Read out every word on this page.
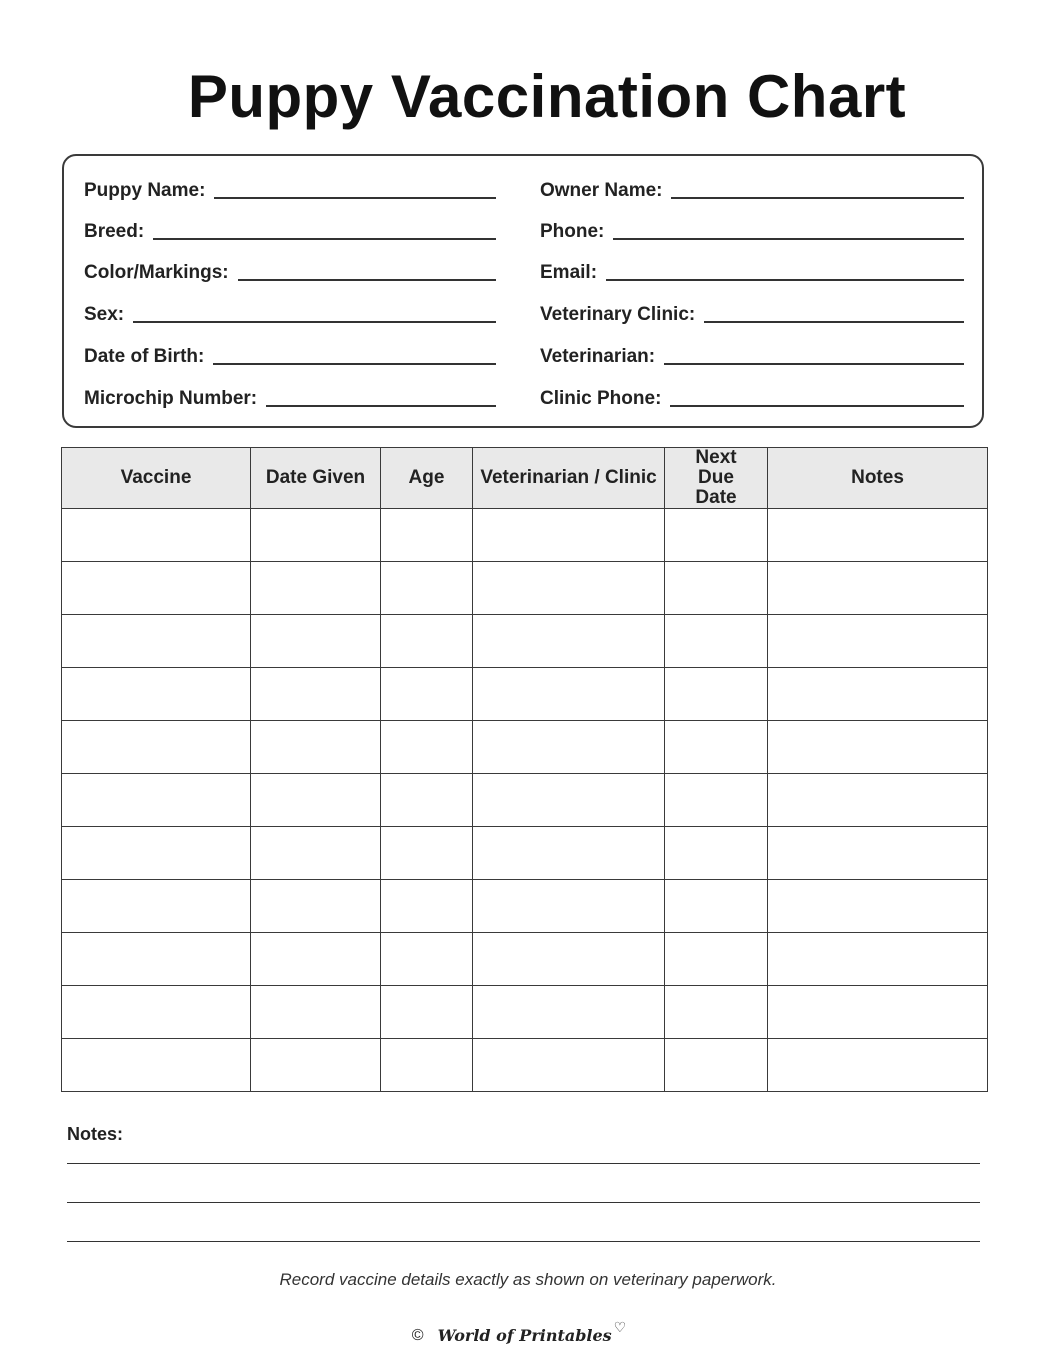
Puppy Vaccination Chart
Puppy Name:
Breed:
Color/Markings:
Sex:
Date of Birth:
Microchip Number:
Owner Name:
Phone:
Email:
Veterinary Clinic:
Veterinarian:
Clinic Phone:
Vaccine	Date Given	Age	Veterinarian / Clinic	Next Due Date	Notes

Notes:
Record vaccine details exactly as shown on veterinary paperwork.
© World of Printables ♡
